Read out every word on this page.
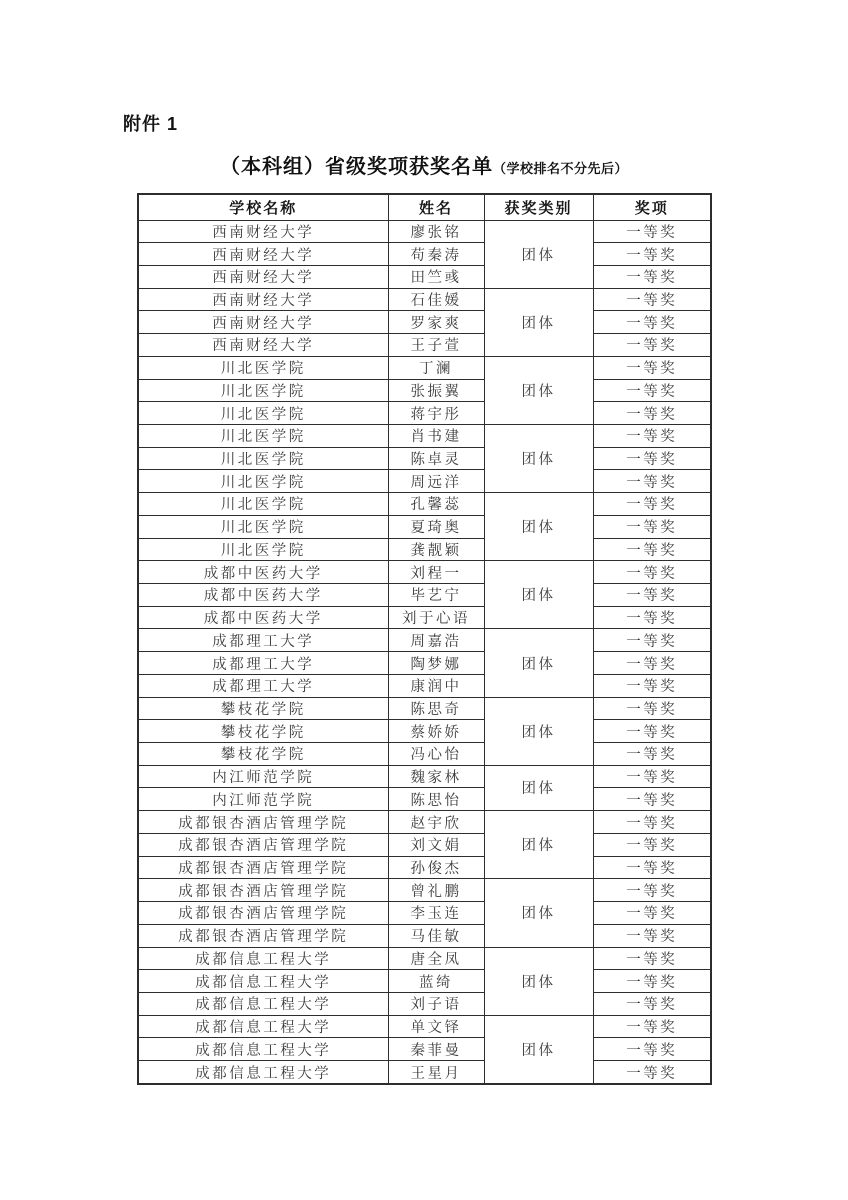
附件 1
（本科组）省级奖项获奖名单（学校排名不分先后）
学校名称	姓名	获奖类别	奖项
西南财经大学	廖张铭	团体	一等奖
西南财经大学	苟秦涛		一等奖
西南财经大学	田竺彧		一等奖
西南财经大学	石佳媛	团体	一等奖
西南财经大学	罗家爽		一等奖
西南财经大学	王子萱		一等奖
川北医学院	丁澜	团体	一等奖
川北医学院	张振翼		一等奖
川北医学院	蒋宇彤		一等奖
川北医学院	肖书建	团体	一等奖
川北医学院	陈卓灵		一等奖
川北医学院	周远洋		一等奖
川北医学院	孔馨蕊	团体	一等奖
川北医学院	夏琦奥		一等奖
川北医学院	龚靓颖		一等奖
成都中医药大学	刘程一	团体	一等奖
成都中医药大学	毕艺宁		一等奖
成都中医药大学	刘于心语		一等奖
成都理工大学	周嘉浩	团体	一等奖
成都理工大学	陶梦娜		一等奖
成都理工大学	康润中		一等奖
攀枝花学院	陈思奇	团体	一等奖
攀枝花学院	蔡娇娇		一等奖
攀枝花学院	冯心怡		一等奖
内江师范学院	魏家林	团体	一等奖
内江师范学院	陈思怡		一等奖
成都银杏酒店管理学院	赵宇欣	团体	一等奖
成都银杏酒店管理学院	刘文娟		一等奖
成都银杏酒店管理学院	孙俊杰		一等奖
成都银杏酒店管理学院	曾礼鹏	团体	一等奖
成都银杏酒店管理学院	李玉连		一等奖
成都银杏酒店管理学院	马佳敏		一等奖
成都信息工程大学	唐全凤	团体	一等奖
成都信息工程大学	蓝绮		一等奖
成都信息工程大学	刘子语		一等奖
成都信息工程大学	单文铎	团体	一等奖
成都信息工程大学	秦菲曼		一等奖
成都信息工程大学	王星月		一等奖
